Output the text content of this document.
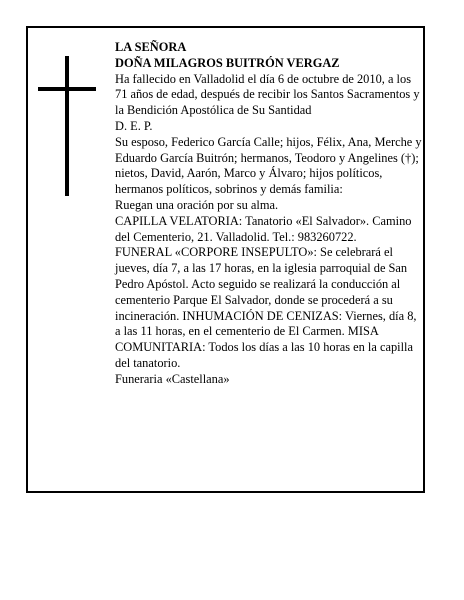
LA SEÑORA

DOÑA MILAGROS BUITRÓN VERGAZ

Ha fallecido en Valladolid el día 6 de octubre de 2010, a los 71 años de edad, después de recibir los Santos Sacramentos y la Bendición Apostólica de Su Santidad

D. E. P.

Su esposo, Federico García Calle; hijos, Félix, Ana, Merche y Eduardo García Buitrón; hermanos, Teodoro y Angelines (†); nietos, David, Aarón, Marco y Álvaro; hijos políticos, hermanos políticos, sobrinos y demás familia:

Ruegan una oración por su alma.

CAPILLA VELATORIA: Tanatorio «El Salvador». Camino del Cementerio, 21. Valladolid. Tel.: 983260722.

FUNERAL «CORPORE INSEPULTO»: Se celebrará el jueves, día 7, a las 17 horas, en la iglesia parroquial de San Pedro Apóstol. Acto seguido se realizará la conducción al cementerio Parque El Salvador, donde se procederá a su incineración. INHUMACIÓN DE CENIZAS: Viernes, día 8, a las 11 horas, en el cementerio de El Carmen. MISA COMUNITARIA: Todos los días a las 10 horas en la capilla del tanatorio.

Funeraria «Castellana»
